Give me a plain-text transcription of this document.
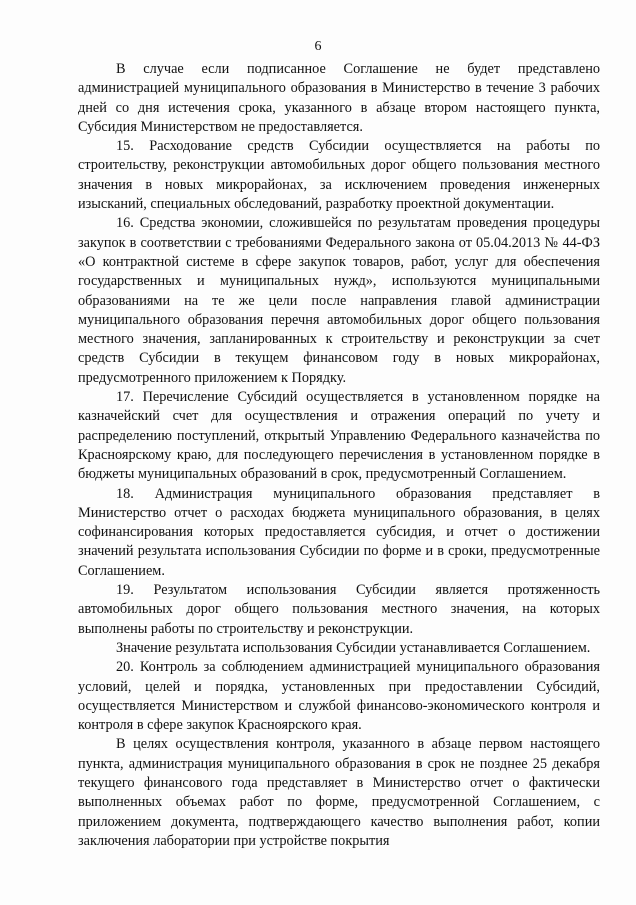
6

В случае если подписанное Соглашение не будет представлено администрацией муниципального образования в Министерство в течение 3 рабочих дней со дня истечения срока, указанного в абзаце втором настоящего пункта, Субсидия Министерством не предоставляется.

15. Расходование средств Субсидии осуществляется на работы по строительству, реконструкции автомобильных дорог общего пользования местного значения в новых микрорайонах, за исключением проведения инженерных изысканий, специальных обследований, разработку проектной документации.

16. Средства экономии, сложившейся по результатам проведения процедуры закупок в соответствии с требованиями Федерального закона от 05.04.2013 № 44-ФЗ «О контрактной системе в сфере закупок товаров, работ, услуг для обеспечения государственных и муниципальных нужд», используются муниципальными образованиями на те же цели после направления главой администрации муниципального образования перечня автомобильных дорог общего пользования местного значения, запланированных к строительству и реконструкции за счет средств Субсидии в текущем финансовом году в новых микрорайонах, предусмотренного приложением к Порядку.

17. Перечисление Субсидий осуществляется в установленном порядке на казначейский счет для осуществления и отражения операций по учету и распределению поступлений, открытый Управлению Федерального казначейства по Красноярскому краю, для последующего перечисления в установленном порядке в бюджеты муниципальных образований в срок, предусмотренный Соглашением.

18. Администрация муниципального образования представляет в Министерство отчет о расходах бюджета муниципального образования, в целях софинансирования которых предоставляется субсидия, и отчет о достижении значений результата использования Субсидии по форме и в сроки, предусмотренные Соглашением.

19. Результатом использования Субсидии является протяженность автомобильных дорог общего пользования местного значения, на которых выполнены работы по строительству и реконструкции.

Значение результата использования Субсидии устанавливается Соглашением.

20. Контроль за соблюдением администрацией муниципального образования условий, целей и порядка, установленных при предоставлении Субсидий, осуществляется Министерством и службой финансово-экономического контроля и контроля в сфере закупок Красноярского края.

В целях осуществления контроля, указанного в абзаце первом настоящего пункта, администрация муниципального образования в срок не позднее 25 декабря текущего финансового года представляет в Министерство отчет о фактически выполненных объемах работ по форме, предусмотренной Соглашением, с приложением документа, подтверждающего качество выполнения работ, копии заключения лаборатории при устройстве покрытия
